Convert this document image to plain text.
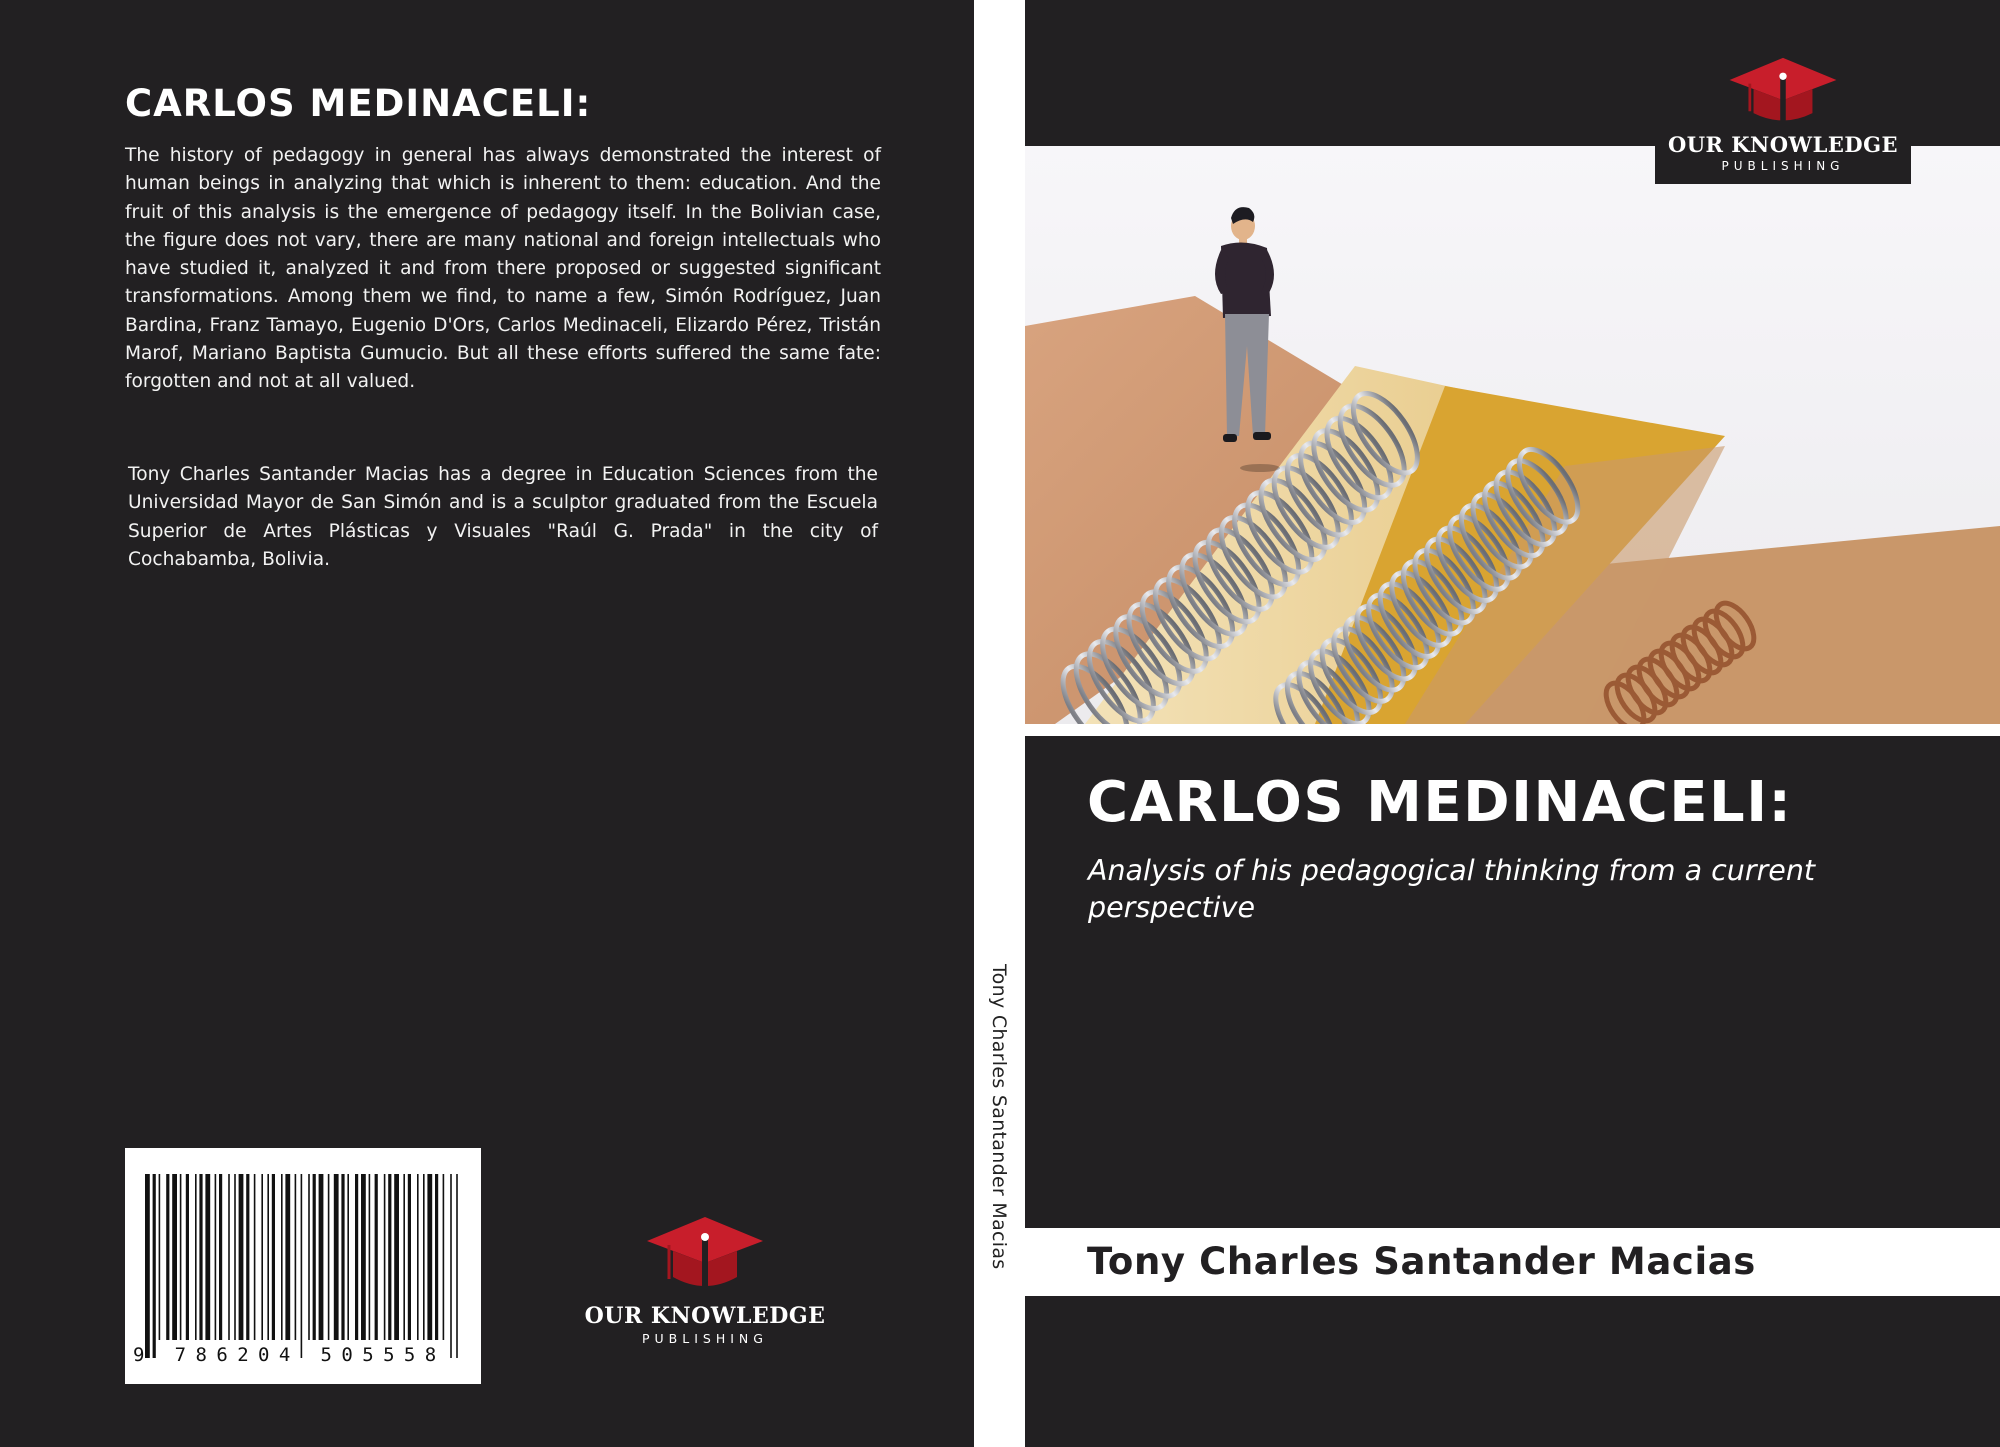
CARLOS MEDINACELI:

The history of pedagogy in general has always demonstrated the interest of human beings in analyzing that which is inherent to them: education. And the fruit of this analysis is the emergence of pedagogy itself. In the Bolivian case, the figure does not vary, there are many national and foreign intellectuals who have studied it, analyzed it and from there proposed or suggested significant transformations. Among them we find, to name a few, Simón Rodríguez, Juan Bardina, Franz Tamayo, Eugenio D'Ors, Carlos Medinaceli, Elizardo Pérez, Tristán Marof, Mariano Baptista Gumucio. But all these efforts suffered the same fate: forgotten and not at all valued.

Tony Charles Santander Macias has a degree in Education Sciences from the Universidad Mayor de San Simón and is a sculptor graduated from the Escuela Superior de Artes Plásticas y Visuales "Raúl G. Prada" in the city of Cochabamba, Bolivia.

9 786204 505558
OUR KNOWLEDGE
PUBLISHING
Tony Charles Santander Macias
OUR KNOWLEDGE
PUBLISHING
CARLOS MEDINACELI:
Analysis of his pedagogical thinking from a current perspective
Tony Charles Santander Macias
